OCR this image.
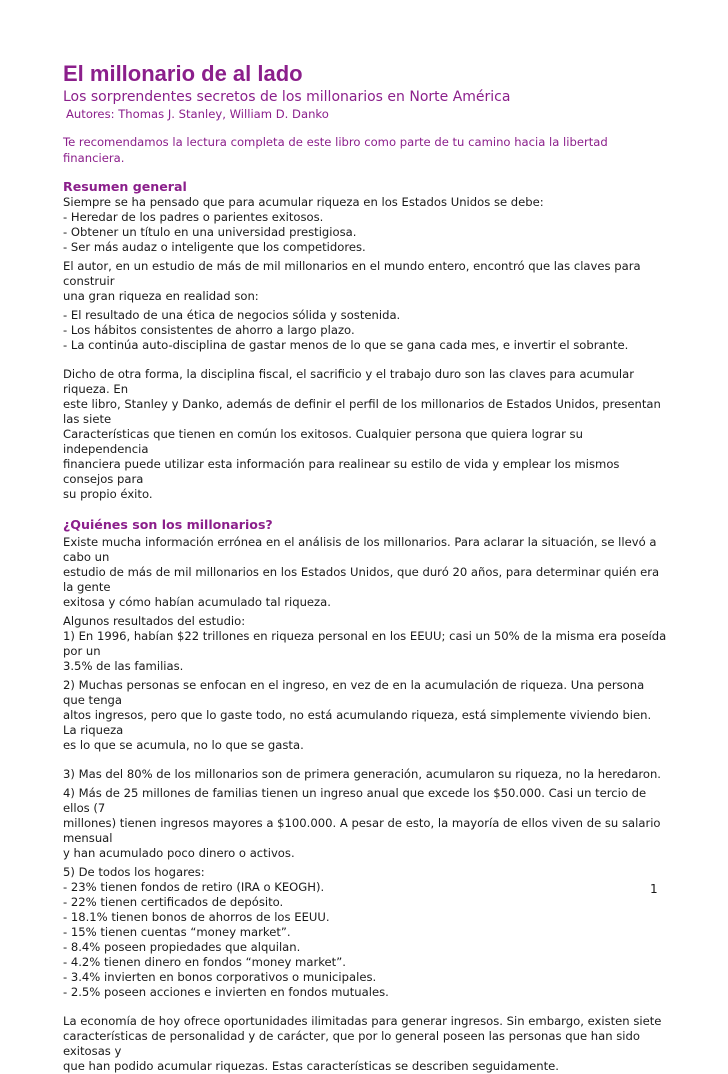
El millonario de al lado

Los sorprendentes secretos de los millonarios en Norte América

Autores: Thomas J. Stanley, William D. Danko

Te recomendamos la lectura completa de este libro como parte de tu camino hacia la libertad financiera.

Resumen general
Siempre se ha pensado que para acumular riqueza en los Estados Unidos se debe:
- Heredar de los padres o parientes exitosos.
- Obtener un título en una universidad prestigiosa.
- Ser más audaz o inteligente que los competidores.
El autor, en un estudio de más de mil millonarios en el mundo entero, encontró que las claves para construir
una gran riqueza en realidad son:
- El resultado de una ética de negocios sólida y sostenida.
- Los hábitos consistentes de ahorro a largo plazo.
- La continúa auto-disciplina de gastar menos de lo que se gana cada mes, e invertir el sobrante.
Dicho de otra forma, la disciplina fiscal, el sacrificio y el trabajo duro son las claves para acumular riqueza. En
este libro, Stanley y Danko, además de definir el perfil de los millonarios de Estados Unidos, presentan las siete
Características que tienen en común los exitosos. Cualquier persona que quiera lograr su independencia
financiera puede utilizar esta información para realinear su estilo de vida y emplear los mismos consejos para
su propio éxito.
¿Quiénes son los millonarios?
Existe mucha información errónea en el análisis de los millonarios. Para aclarar la situación, se llevó a cabo un
estudio de más de mil millonarios en los Estados Unidos, que duró 20 años, para determinar quién era la gente
exitosa y cómo habían acumulado tal riqueza.
Algunos resultados del estudio:
1) En 1996, habían $22 trillones en riqueza personal en los EEUU; casi un 50% de la misma era poseída por un
3.5% de las familias.
2) Muchas personas se enfocan en el ingreso, en vez de en la acumulación de riqueza. Una persona que tenga
altos ingresos, pero que lo gaste todo, no está acumulando riqueza, está simplemente viviendo bien. La riqueza
es lo que se acumula, no lo que se gasta.
3) Mas del 80% de los millonarios son de primera generación, acumularon su riqueza, no la heredaron.
4) Más de 25 millones de familias tienen un ingreso anual que excede los $50.000. Casi un tercio de ellos (7
millones) tienen ingresos mayores a $100.000. A pesar de esto, la mayoría de ellos viven de su salario mensual
y han acumulado poco dinero o activos.
5) De todos los hogares:
- 23% tienen fondos de retiro (IRA o KEOGH).
- 22% tienen certificados de depósito.
- 18.1% tienen bonos de ahorros de los EEUU.
- 15% tienen cuentas “money market”.
- 8.4% poseen propiedades que alquilan.
- 4.2% tienen dinero en fondos “money market”.
- 3.4% invierten en bonos corporativos o municipales.
- 2.5% poseen acciones e invierten en fondos mutuales.
La economía de hoy ofrece oportunidades ilimitadas para generar ingresos. Sin embargo, existen siete
características de personalidad y de carácter, que por lo general poseen las personas que han sido exitosas y
que han podido acumular riquezas. Estas características se describen seguidamente.
1
